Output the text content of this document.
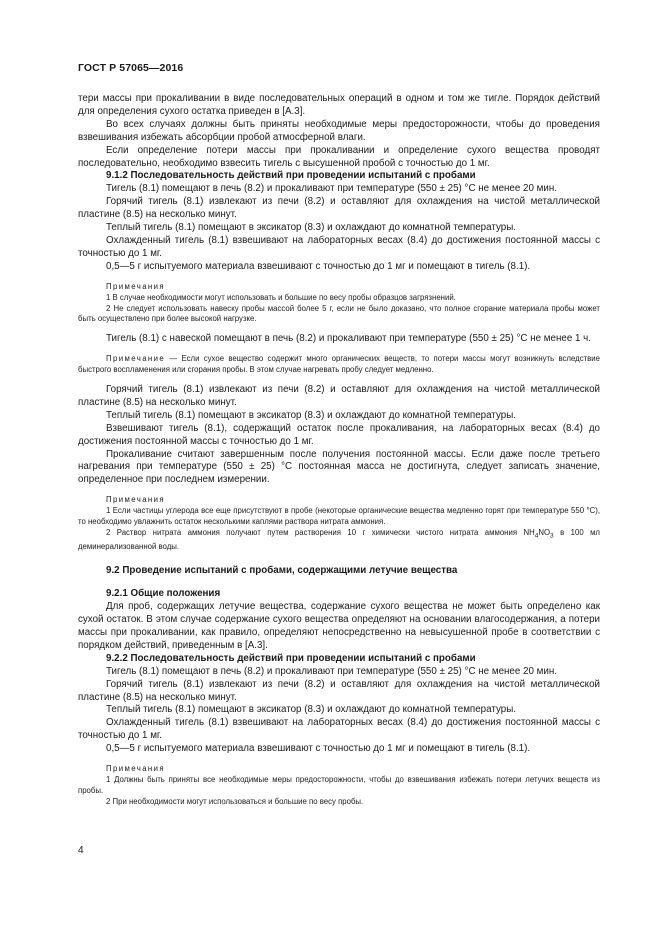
ГОСТ Р 57065—2016

тери массы при прокаливании в виде последовательных операций в одном и том же тигле. Порядок действий для определения сухого остатка приведен в [А.3].

Во всех случаях должны быть приняты необходимые меры предосторожности, чтобы до проведения взвешивания избежать абсорбции пробой атмосферной влаги.

Если определение потери массы при прокаливании и определение сухого вещества проводят последовательно, необходимо взвесить тигель с высушенной пробой с точностью до 1 мг.

9.1.2 Последовательность действий при проведении испытаний с пробами

Тигель (8.1) помещают в печь (8.2) и прокаливают при температуре (550 ± 25) °С не менее 20 мин.

Горячий тигель (8.1) извлекают из печи (8.2) и оставляют для охлаждения на чистой металлической пластине (8.5) на несколько минут.

Теплый тигель (8.1) помещают в эксикатор (8.3) и охлаждают до комнатной температуры.

Охлажденный тигель (8.1) взвешивают на лабораторных весах (8.4) до достижения постоянной массы с точностью до 1 мг.

0,5—5 г испытуемого материала взвешивают с точностью до 1 мг и помещают в тигель (8.1).

Примечания

1 В случае необходимости могут использовать и большие по весу пробы образцов загрязнений.

2 Не следует использовать навеску пробы массой более 5 г, если не было доказано, что полное сгорание материала пробы может быть осуществлено при более высокой нагрузке.

Тигель (8.1) с навеской помещают в печь (8.2) и прокаливают при температуре (550 ± 25) °С не менее 1 ч.

Примечание — Если сухое вещество содержит много органических веществ, то потери массы могут возникнуть вследствие быстрого воспламенения или сгорания пробы. В этом случае нагревать пробу следует медленно.

Горячий тигель (8.1) извлекают из печи (8.2) и оставляют для охлаждения на чистой металлической пластине (8.5) на несколько минут.

Теплый тигель (8.1) помещают в эксикатор (8.3) и охлаждают до комнатной температуры.

Взвешивают тигель (8.1), содержащий остаток после прокаливания, на лабораторных весах (8.4) до достижения постоянной массы с точностью до 1 мг.

Прокаливание считают завершенным после получения постоянной массы. Если даже после третьего нагревания при температуре (550 ± 25) °С постоянная масса не достигнута, следует записать значение, определенное при последнем измерении.

Примечания

1 Если частицы углерода все еще присутствуют в пробе (некоторые органические вещества медленно горят при температуре 550 °С), то необходимо увлажнить остаток несколькими каплями раствора нитрата аммония.

2 Раствор нитрата аммония получают путем растворения 10 г химически чистого нитрата аммония $NH_4NO_3$ в 100 мл деминерализованной воды.

9.2 Проведение испытаний с пробами, содержащими летучие вещества

9.2.1 Общие положения

Для проб, содержащих летучие вещества, содержание сухого вещества не может быть определено как сухой остаток. В этом случае содержание сухого вещества определяют на основании влагосодержания, а потери массы при прокаливании, как правило, определяют непосредственно на невысушенной пробе в соответствии с порядком действий, приведенным в [А.3].

9.2.2 Последовательность действий при проведении испытаний с пробами

Тигель (8.1) помещают в печь (8.2) и прокаливают при температуре (550 ± 25) °С не менее 20 мин.

Горячий тигель (8.1) извлекают из печи (8.2) и оставляют для охлаждения на чистой металлической пластине (8.5) на несколько минут.

Теплый тигель (8.1) помещают в эксикатор (8.3) и охлаждают до комнатной температуры.

Охлажденный тигель (8.1) взвешивают на лабораторных весах (8.4) до достижения постоянной массы с точностью до 1 мг.

0,5—5 г испытуемого материала взвешивают с точностью до 1 мг и помещают в тигель (8.1).

Примечания

1 Должны быть приняты все необходимые меры предосторожности, чтобы до взвешивания избежать потери летучих веществ из пробы.

2 При необходимости могут использоваться и большие по весу пробы.

4
